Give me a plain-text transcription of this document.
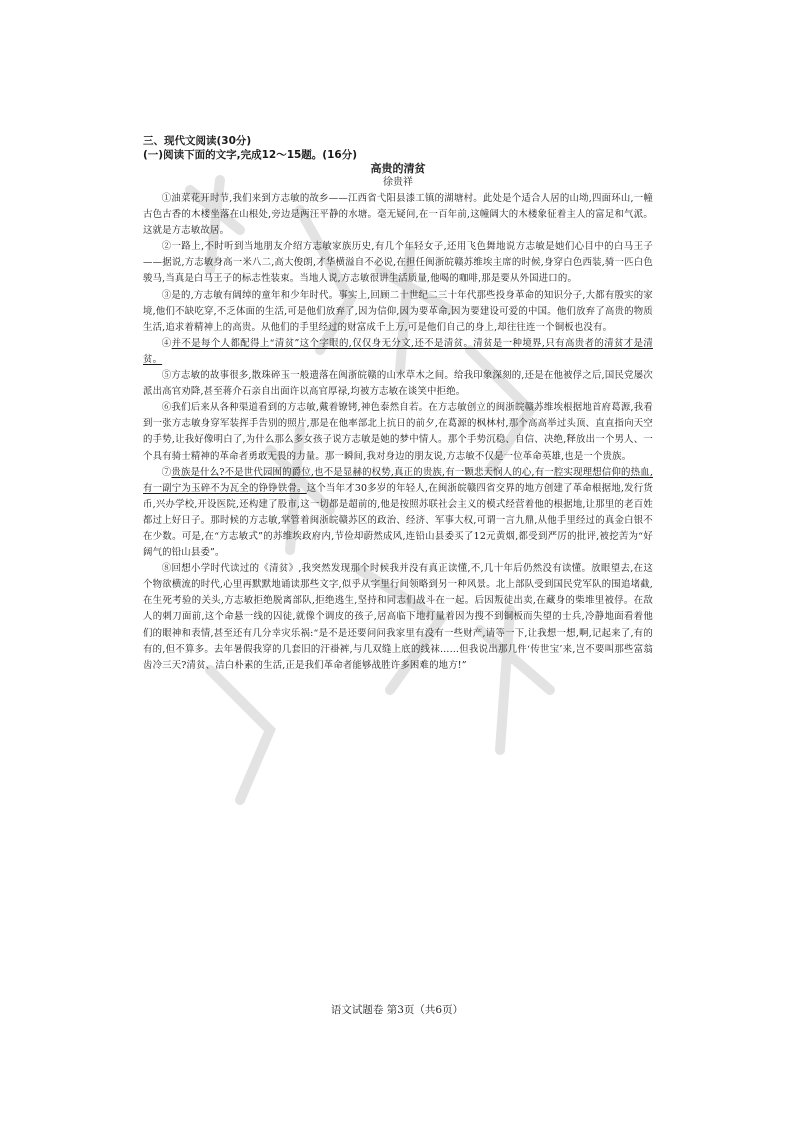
三、现代文阅读(30分)

(一)阅读下面的文字,完成12～15题。(16分)

高贵的清贫

徐贵祥

①油菜花开时节,我们来到方志敏的故乡——江西省弋阳县漆工镇的湖塘村。此处是个适合人居的山坳,四面环山,一幢古色古香的木楼坐落在山根处,旁边是两汪平静的水塘。毫无疑问,在一百年前,这幢阔大的木楼象征着主人的富足和气派。这就是方志敏故居。

②一路上,不时听到当地朋友介绍方志敏家族历史,有几个年轻女子,还用飞色舞地说方志敏是她们心目中的白马王子——据说,方志敏身高一米八二,高大俊朗,才华横溢自不必说,在担任闽浙皖赣苏维埃主席的时候,身穿白色西装,骑一匹白色骏马,当真是白马王子的标志性装束。当地人说,方志敏很讲生活质量,他喝的咖啡,那是要从外国进口的。

③是的,方志敏有阔绰的童年和少年时代。事实上,回顾二十世纪二三十年代那些投身革命的知识分子,大都有殷实的家境,他们不缺吃穿,不乏体面的生活,可是他们放弃了,因为信仰,因为要革命,因为要建设可爱的中国。他们放弃了高贵的物质生活,追求着精神上的高贵。从他们的手里经过的财富成千上万,可是他们自己的身上,却往往连一个铜板也没有。

④并不是每个人都配得上“清贫”这个字眼的,仅仅身无分文,还不是清贫。清贫是一种境界,只有高贵者的清贫才是清贫。

⑤方志敏的故事很多,散珠碎玉一般遗落在闽浙皖赣的山水草木之间。给我印象深刻的,还是在他被俘之后,国民党屡次派出高官劝降,甚至蒋介石亲自出面许以高官厚禄,均被方志敏在谈笑中拒绝。

⑥我们后来从各种渠道看到的方志敏,戴着镣铐,神色泰然自若。在方志敏创立的闽浙皖赣苏维埃根据地首府葛源,我看到一张方志敏身穿军装挥手告别的照片,那是在他率部北上抗日的前夕,在葛源的枫林村,那个高高举过头顶、直直指向天空的手势,让我好像明白了,为什么那么多女孩子说方志敏是她的梦中情人。那个手势沉稳、自信、决绝,释放出一个男人、一个具有骑士精神的革命者勇敢无畏的力量。那一瞬间,我对身边的朋友说,方志敏不仅是一位革命英雄,也是一个贵族。

⑦贵族是什么?不是世代园囿的爵位,也不是显赫的权势,真正的贵族,有一颗悲天悯人的心,有一腔实现理想信仰的热血,有一副宁为玉碎不为瓦全的铮铮铁骨。这个当年才30多岁的年轻人,在闽浙皖赣四省交界的地方创建了革命根据地,发行货币,兴办学校,开设医院,还构建了股市,这一切都是超前的,他是按照苏联社会主义的模式经营着他的根据地,让那里的老百姓都过上好日子。那时候的方志敏,掌管着闽浙皖赣苏区的政治、经济、军事大权,可谓一言九鼎,从他手里经过的真金白银不在少数。可是,在“方志敏式”的苏维埃政府内,节俭却蔚然成风,连铅山县委买了12元黄烟,都受到严厉的批评,被挖苦为“好阔气的铅山县委”。

⑧回想小学时代读过的《清贫》,我突然发现那个时候我并没有真正读懂,不,几十年后仍然没有读懂。放眼望去,在这个物欲横流的时代,心里再默默地诵读那些文字,似乎从字里行间领略到另一种风景。北上部队受到国民党军队的围追堵截,在生死考验的关头,方志敏拒绝脱离部队,拒绝逃生,坚持和同志们战斗在一起。后因叛徒出卖,在藏身的柴堆里被俘。在敌人的刺刀面前,这个命悬一线的囚徒,就像个调皮的孩子,居高临下地打量着因为搜不到铜板而失望的士兵,冷静地面看着他们的眼神和表情,甚至还有几分幸灾乐祸:“是不是还要问问我家里有没有一些财产,请等一下,让我想一想,啊,记起来了,有的有的,但不算多。去年暑假我穿的几套旧的汗褂裤,与几双缝上底的线袜……但我说出那几件‘传世宝’来,岂不要叫那些富翁齿冷三天?清贫、洁白朴素的生活,正是我们革命者能够战胜许多困难的地方!”

语文试题卷 第3页（共6页）
